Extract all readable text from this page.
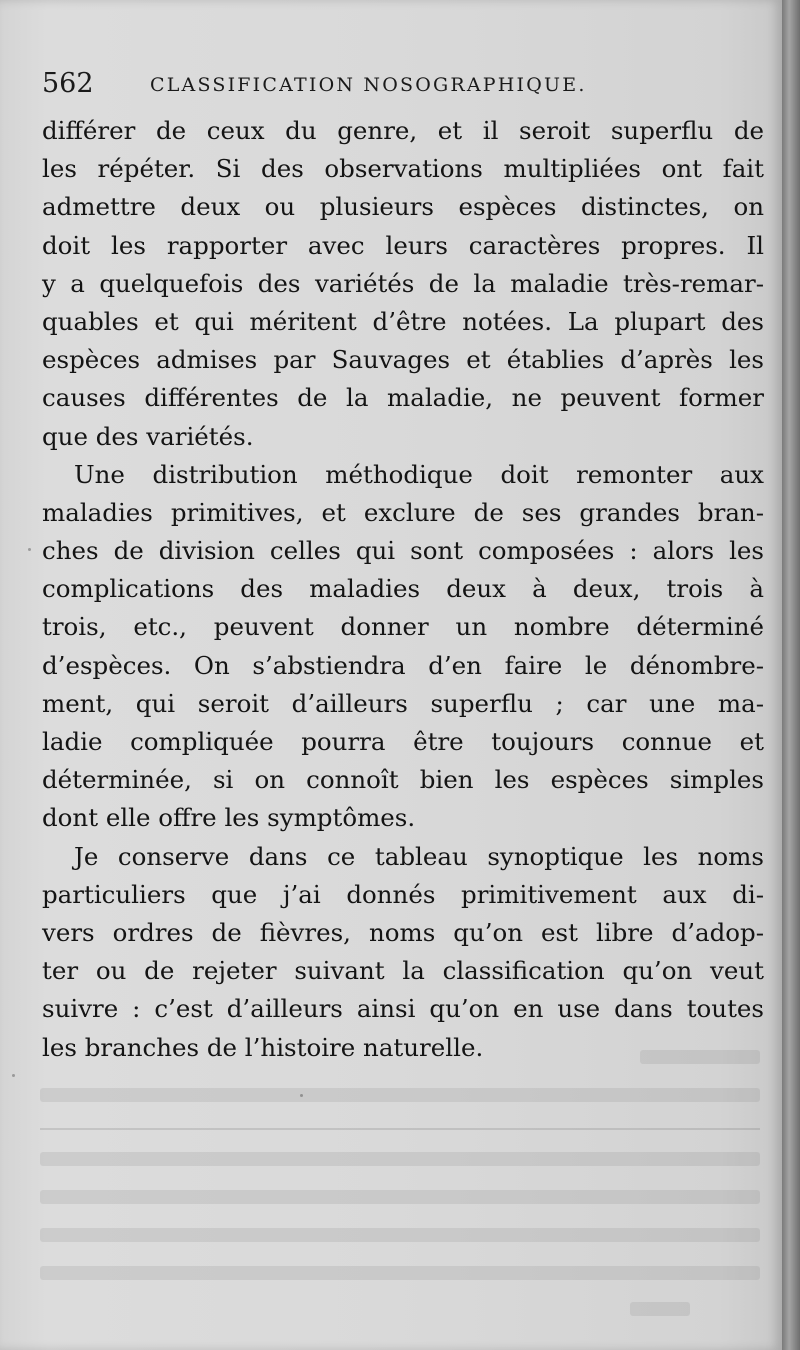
562	CLASSIFICATION NOSOGRAPHIQUE.
différer de ceux du genre, et il seroit superflu de
les répéter. Si des observations multipliées ont fait
admettre deux ou plusieurs espèces distinctes, on
doit les rapporter avec leurs caractères propres. Il
y a quelquefois des variétés de la maladie très-remar-
quables et qui méritent d’être notées. La plupart des
espèces admises par Sauvages et établies d’après les
causes différentes de la maladie, ne peuvent former
que des variétés.
Une distribution méthodique doit remonter aux
maladies primitives, et exclure de ses grandes bran-
ches de division celles qui sont composées : alors les
complications des maladies deux à deux, trois à
trois, etc., peuvent donner un nombre déterminé
d’espèces. On s’abstiendra d’en faire le dénombre-
ment, qui seroit d’ailleurs superflu ; car une ma-
ladie compliquée pourra être toujours connue et
déterminée, si on connoît bien les espèces simples
dont elle offre les symptômes.
Je conserve dans ce tableau synoptique les noms
particuliers que j’ai donnés primitivement aux di-
vers ordres de fièvres, noms qu’on est libre d’adop-
ter ou de rejeter suivant la classification qu’on veut
suivre : c’est d’ailleurs ainsi qu’on en use dans toutes
les branches de l’histoire naturelle.
